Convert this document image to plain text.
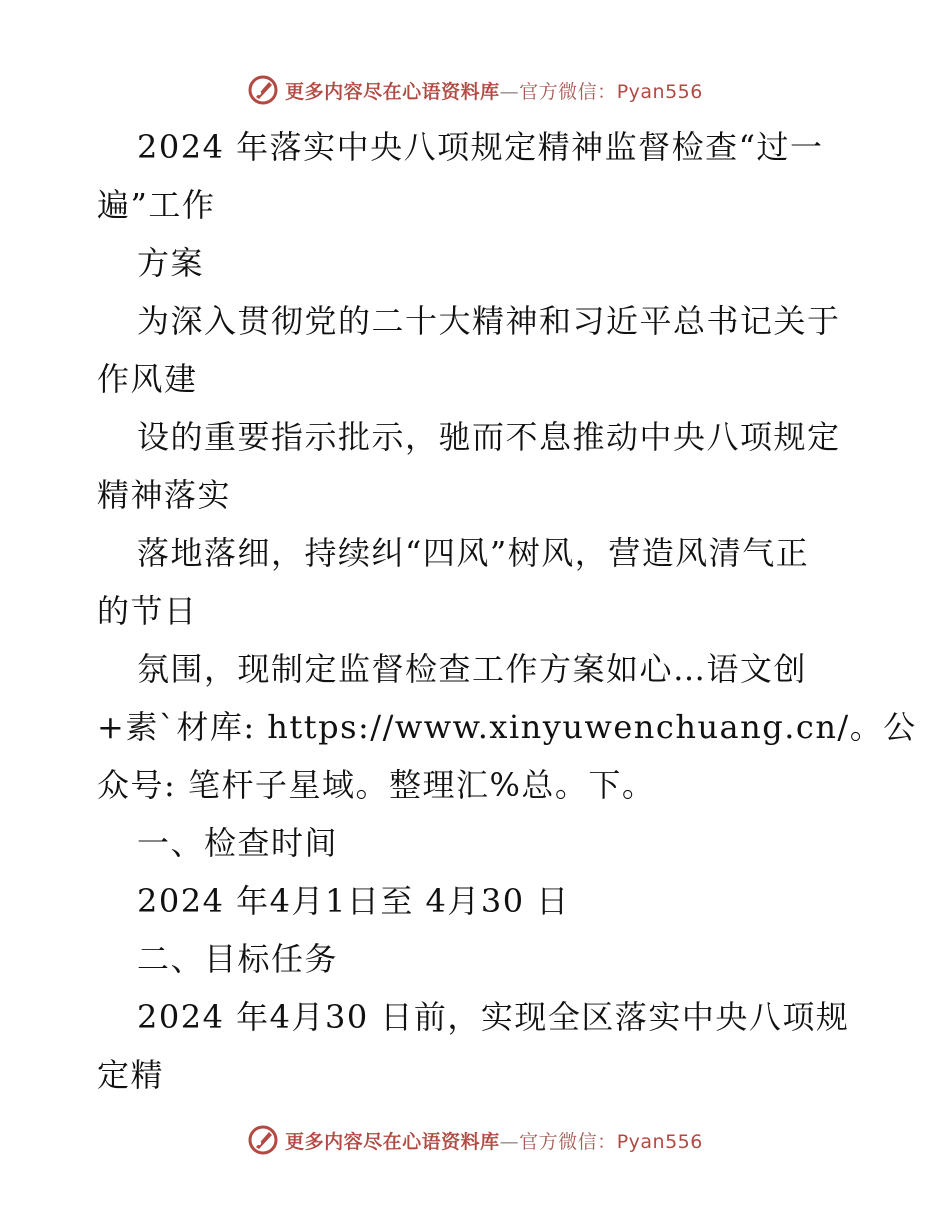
更多内容尽在心语资料库—官方微信：Pyan556
2024 年落实中央八项规定精神监督检查“过一
遍”工作
方案
为深入贯彻党的二十大精神和习近平总书记关于
作风建
设的重要指示批示，驰而不息推动中央八项规定
精神落实
落地落细，持续纠“四风”树风，营造风清气正
的节日
氛围，现制定监督检查工作方案如心…语文创
+素`材库: https://www.xinyuwenchuang.cn/。公
众号: 笔杆子星域。整理汇%总。下。
一、检查时间
2024 年4月1日至 4月30 日
二、目标任务
2024 年4月30 日前，实现全区落实中央八项规
定精
更多内容尽在心语资料库—官方微信：Pyan556
